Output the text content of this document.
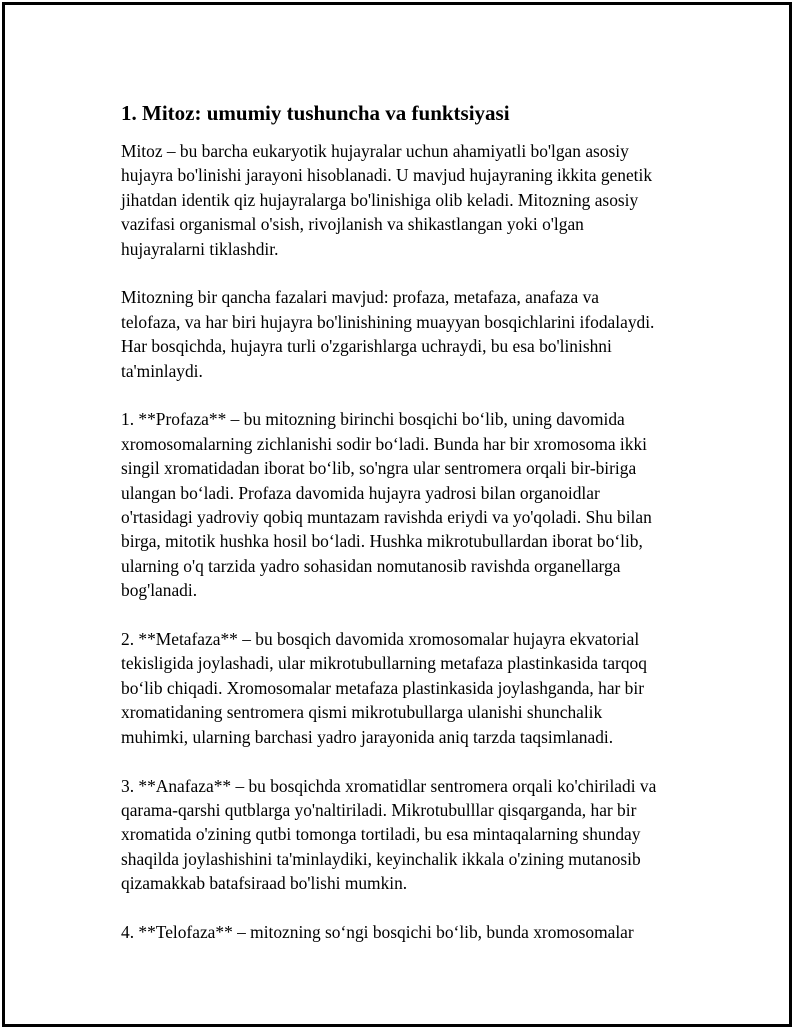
1. Mitoz: umumiy tushuncha va funktsiyasi

Mitoz – bu barcha eukaryotik hujayralar uchun ahamiyatli bo'lgan asosiy
hujayra bo'linishi jarayoni hisoblanadi. U mavjud hujayraning ikkita genetik
jihatdan identik qiz hujayralarga bo'linishiga olib keladi. Mitozning asosiy
vazifasi organismal o'sish, rivojlanish va shikastlangan yoki o'lgan
hujayralarni tiklashdir.

Mitozning bir qancha fazalari mavjud: profaza, metafaza, anafaza va
telofaza, va har biri hujayra bo'linishining muayyan bosqichlarini ifodalaydi.
Har bosqichda, hujayra turli o'zgarishlarga uchraydi, bu esa bo'linishni
ta'minlaydi.

1. **Profaza** – bu mitozning birinchi bosqichi boʻlib, uning davomida
xromosomalarning zichlanishi sodir boʻladi. Bunda har bir xromosoma ikki
singil xromatidadan iborat boʻlib, so'ngra ular sentromera orqali bir-biriga
ulangan boʻladi. Profaza davomida hujayra yadrosi bilan organoidlar
o'rtasidagi yadroviy qobiq muntazam ravishda eriydi va yo'qoladi. Shu bilan
birga, mitotik hushka hosil boʻladi. Hushka mikrotubullardan iborat boʻlib,
ularning o'q tarzida yadro sohasidan nomutanosib ravishda organellarga
bog'lanadi.

2. **Metafaza** – bu bosqich davomida xromosomalar hujayra ekvatorial
tekisligida joylashadi, ular mikrotubullarning metafaza plastinkasida tarqoq
boʻlib chiqadi. Xromosomalar metafaza plastinkasida joylashganda, har bir
xromatidaning sentromera qismi mikrotubullarga ulanishi shunchalik
muhimki, ularning barchasi yadro jarayonida aniq tarzda taqsimlanadi.

3. **Anafaza** – bu bosqichda xromatidlar sentromera orqali ko'chiriladi va
qarama-qarshi qutblarga yo'naltiriladi. Mikrotubulllar qisqarganda, har bir
xromatida o'zining qutbi tomonga tortiladi, bu esa mintaqalarning shunday
shaqilda joylashishini ta'minlaydiki, keyinchalik ikkala o'zining mutanosib
qizamakkab batafsiraad bo'lishi mumkin.

4. **Telofaza** – mitozning soʻngi bosqichi boʻlib, bunda xromosomalar
